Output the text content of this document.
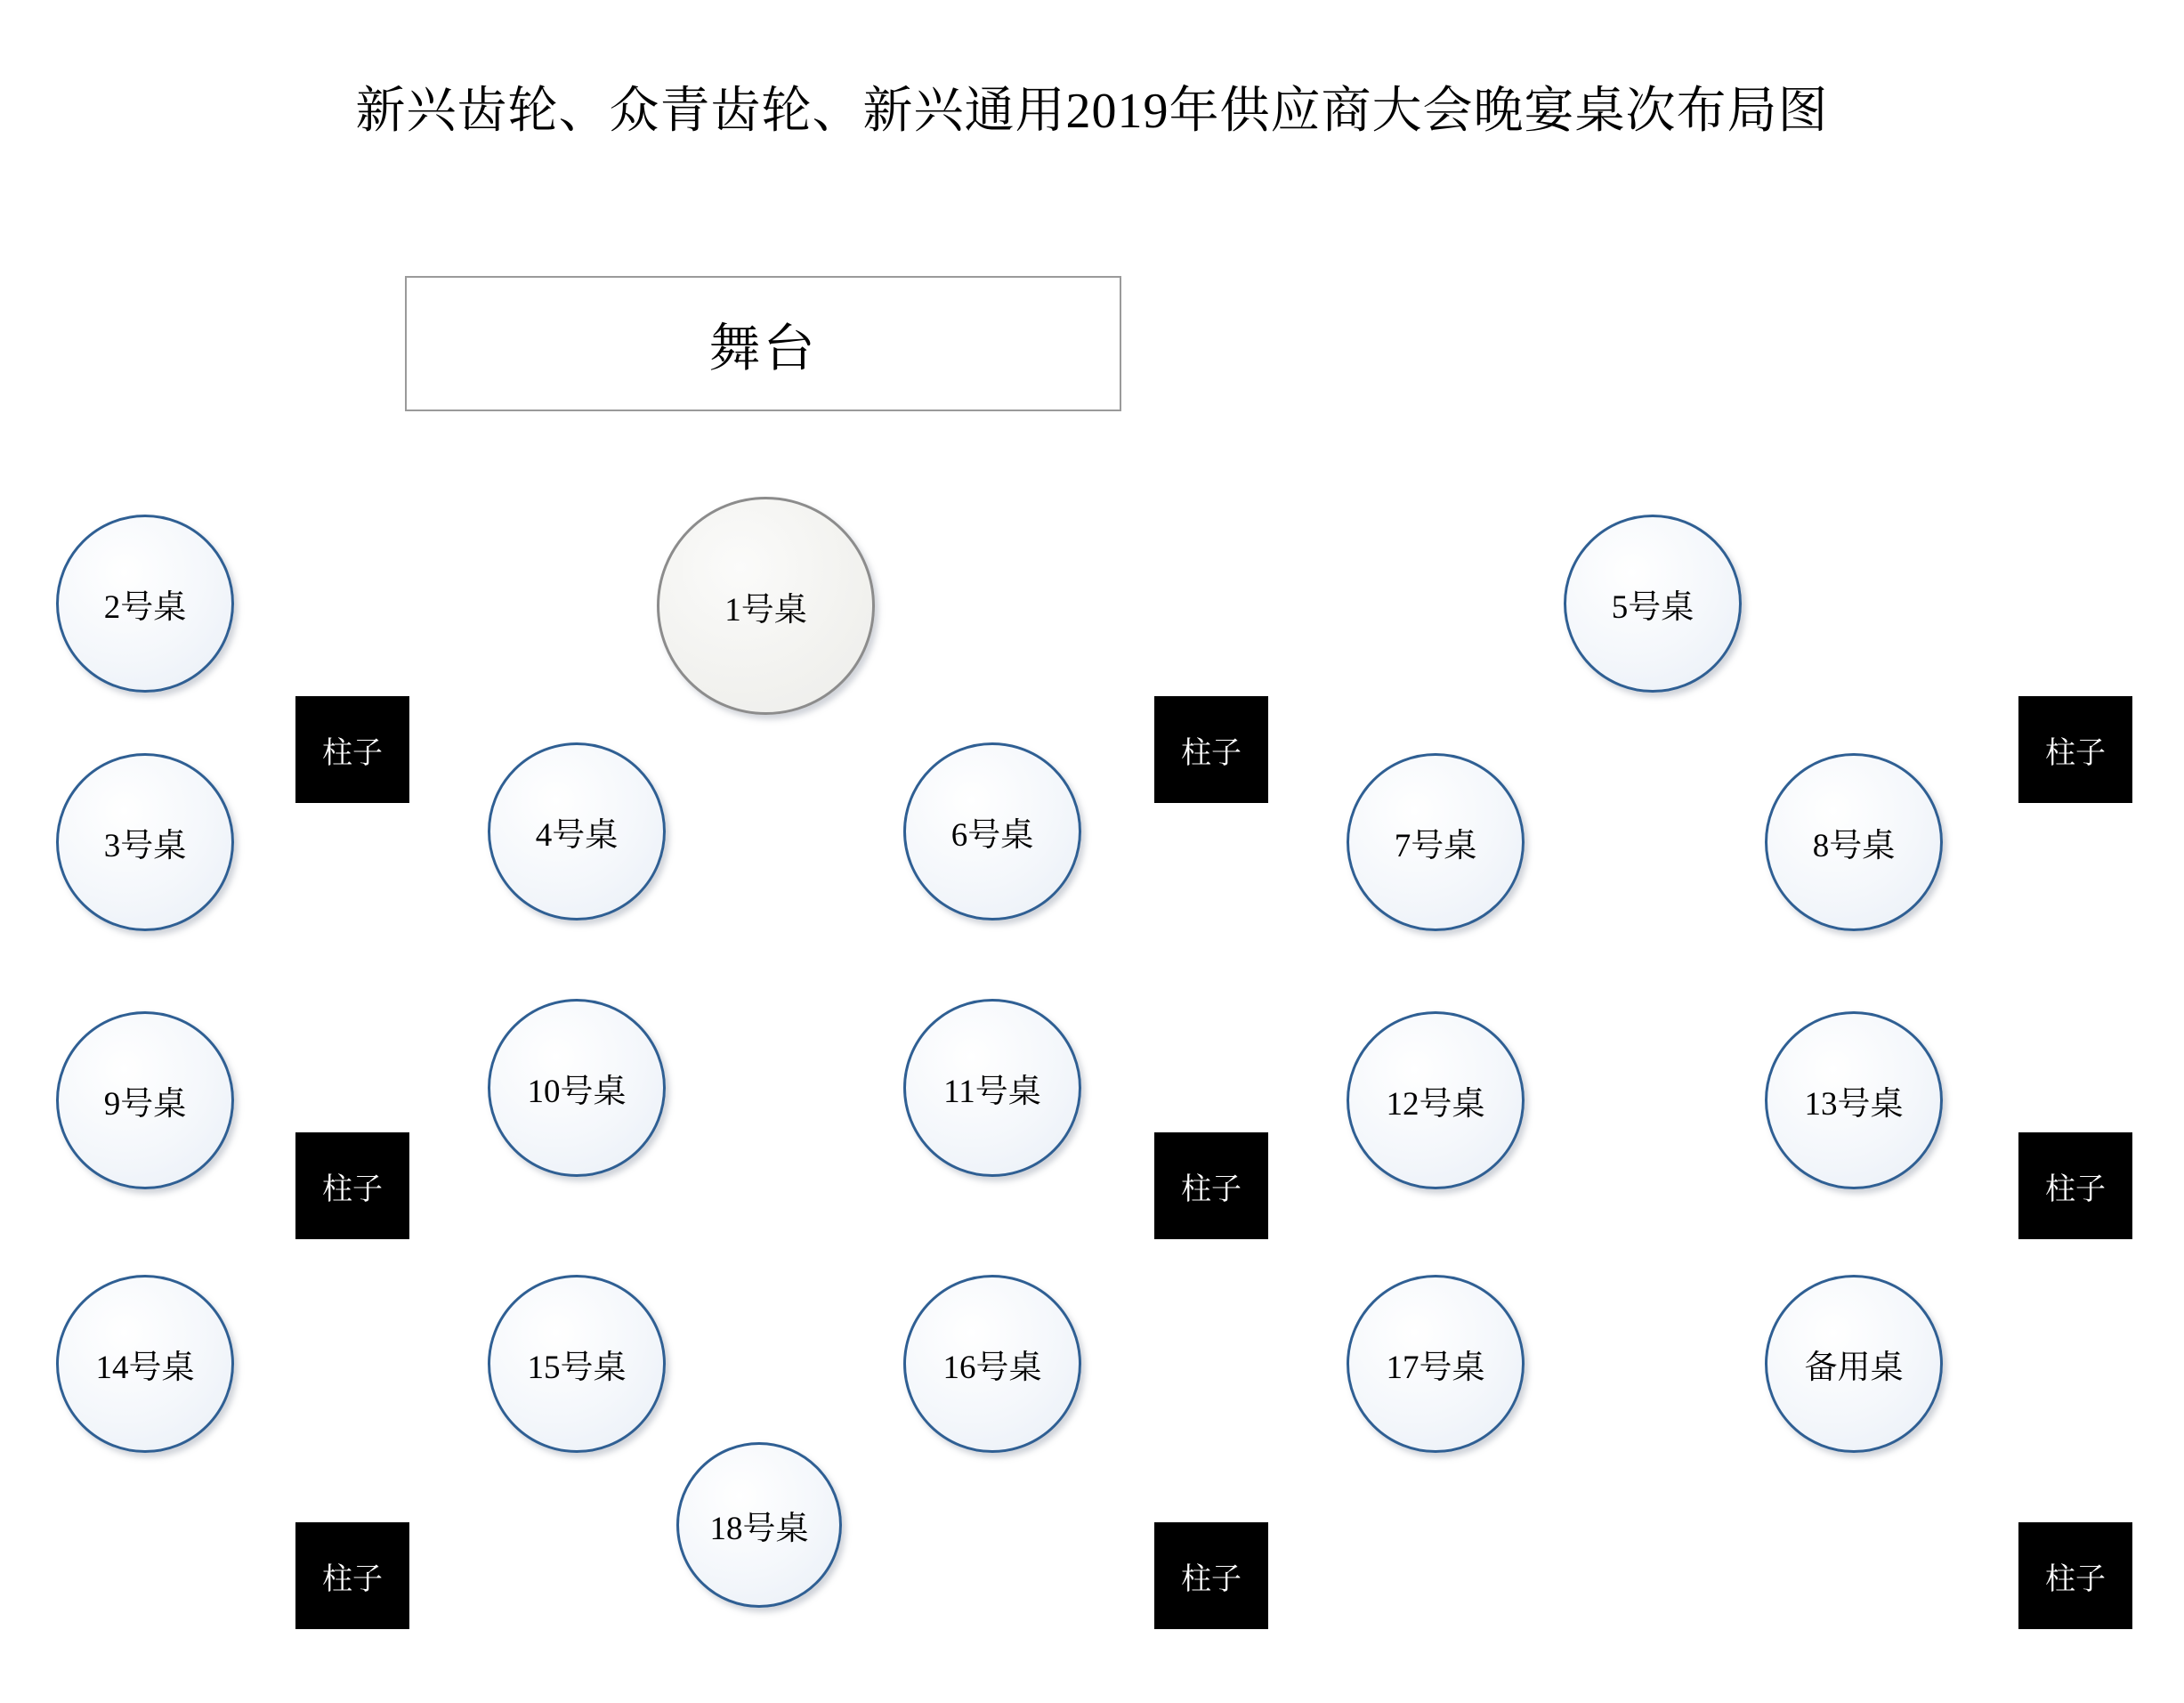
新兴齿轮、众青齿轮、新兴通用2019年供应商大会晚宴桌次布局图
舞台
1号桌
2号桌	5号桌
3号桌	4号桌	6号桌	7号桌	8号桌
9号桌	10号桌	11号桌	12号桌	13号桌
14号桌	15号桌	16号桌	17号桌	备用桌
18号桌
柱子	柱子	柱子
柱子	柱子	柱子
柱子	柱子	柱子
